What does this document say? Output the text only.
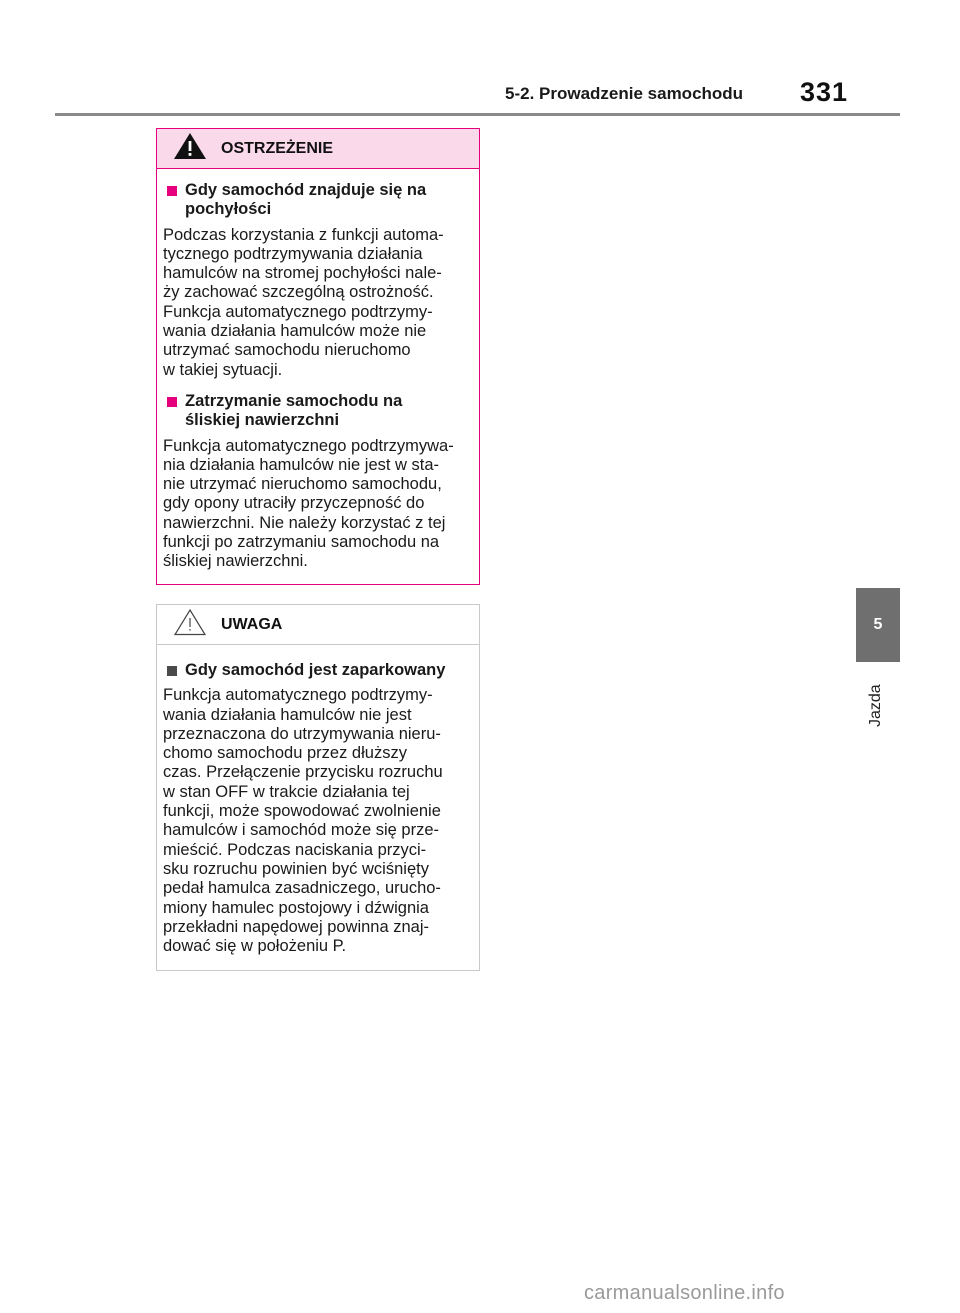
5-2. Prowadzenie samochodu 331
5
Jazda
OSTRZEŻENIE
Gdy samochód znajduje się na
pochyłości
Podczas korzystania z funkcji automa-
tycznego podtrzymywania działania
hamulców na stromej pochyłości nale-
ży zachować szczególną ostrożność.
Funkcja automatycznego podtrzymy-
wania działania hamulców może nie
utrzymać samochodu nieruchomo
w takiej sytuacji.
Zatrzymanie samochodu na
śliskiej nawierzchni
Funkcja automatycznego podtrzymywa-
nia działania hamulców nie jest w sta-
nie utrzymać nieruchomo samochodu,
gdy opony utraciły przyczepność do
nawierzchni. Nie należy korzystać z tej
funkcji po zatrzymaniu samochodu na
śliskiej nawierzchni.
UWAGA
Gdy samochód jest zaparkowany
Funkcja automatycznego podtrzymy-
wania działania hamulców nie jest
przeznaczona do utrzymywania nieru-
chomo samochodu przez dłuższy
czas. Przełączenie przycisku rozruchu
w stan OFF w trakcie działania tej
funkcji, może spowodować zwolnienie
hamulców i samochód może się prze-
mieścić. Podczas naciskania przyci-
sku rozruchu powinien być wciśnięty
pedał hamulca zasadniczego, urucho-
miony hamulec postojowy i dźwignia
przekładni napędowej powinna znaj-
dować się w położeniu P.
carmanualsonline.info
